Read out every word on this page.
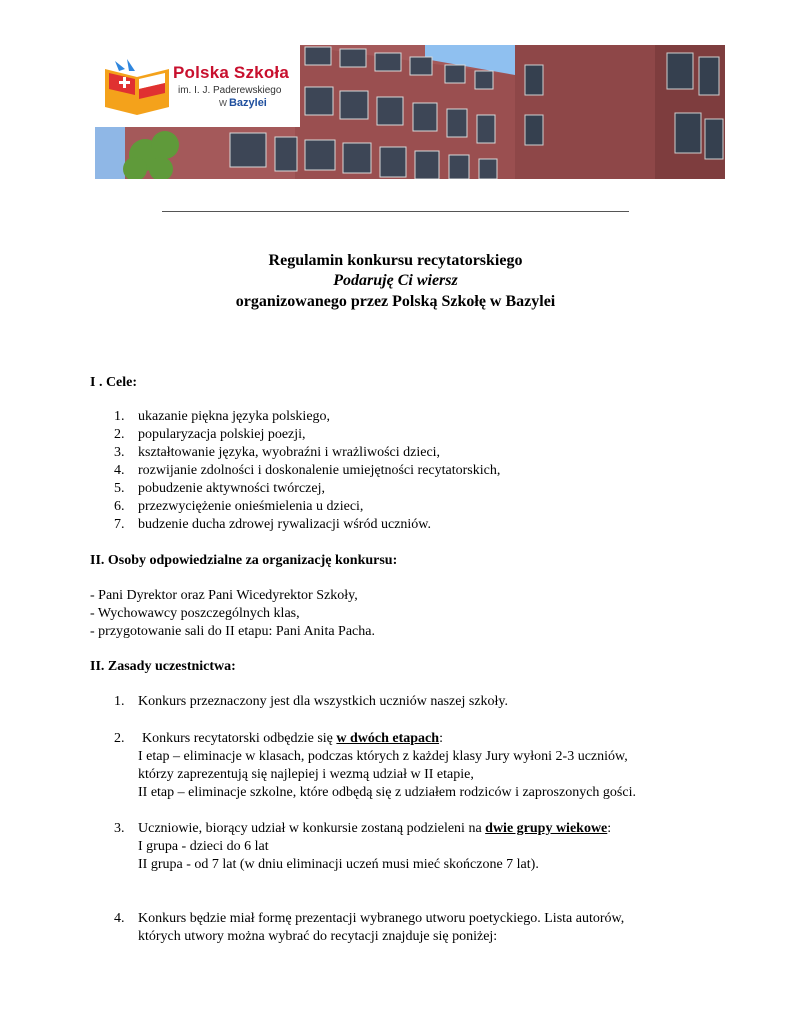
Polska Szkoła
im. I. J. Paderewskiego
w Bazylei
Regulamin konkursu recytatorskiego
Podaruję Ci wiersz
organizowanego przez Polską Szkołę w Bazylei
I . Cele:
1. ukazanie piękna języka polskiego,
2. popularyzacja polskiej poezji,
3. kształtowanie języka, wyobraźni i wrażliwości dzieci,
4. rozwijanie zdolności i doskonalenie umiejętności recytatorskich,
5. pobudzenie aktywności twórczej,
6. przezwyciężenie onieśmielenia u dzieci,
7. budzenie ducha zdrowej rywalizacji wśród uczniów.
II. Osoby odpowiedzialne za organizację konkursu:
- Pani Dyrektor oraz Pani Wicedyrektor Szkoły,
- Wychowawcy poszczególnych klas,
- przygotowanie sali do II etapu: Pani Anita Pacha.
II. Zasady uczestnictwa:
1. Konkurs przeznaczony jest dla wszystkich uczniów naszej szkoły.
2. Konkurs recytatorski odbędzie się w dwóch etapach:
I etap – eliminacje w klasach, podczas których z każdej klasy Jury wyłoni 2-3 uczniów,
którzy zaprezentują się najlepiej i wezmą udział w II etapie,
II etap – eliminacje szkolne, które odbędą się z udziałem rodziców i zaproszonych gości.
3. Uczniowie, biorący udział w konkursie zostaną podzieleni na dwie grupy wiekowe:
I grupa - dzieci do 6 lat
II grupa - od 7 lat (w dniu eliminacji uczeń musi mieć skończone 7 lat).
4. Konkurs będzie miał formę prezentacji wybranego utworu poetyckiego. Lista autorów,
których utwory można wybrać do recytacji znajduje się poniżej:
